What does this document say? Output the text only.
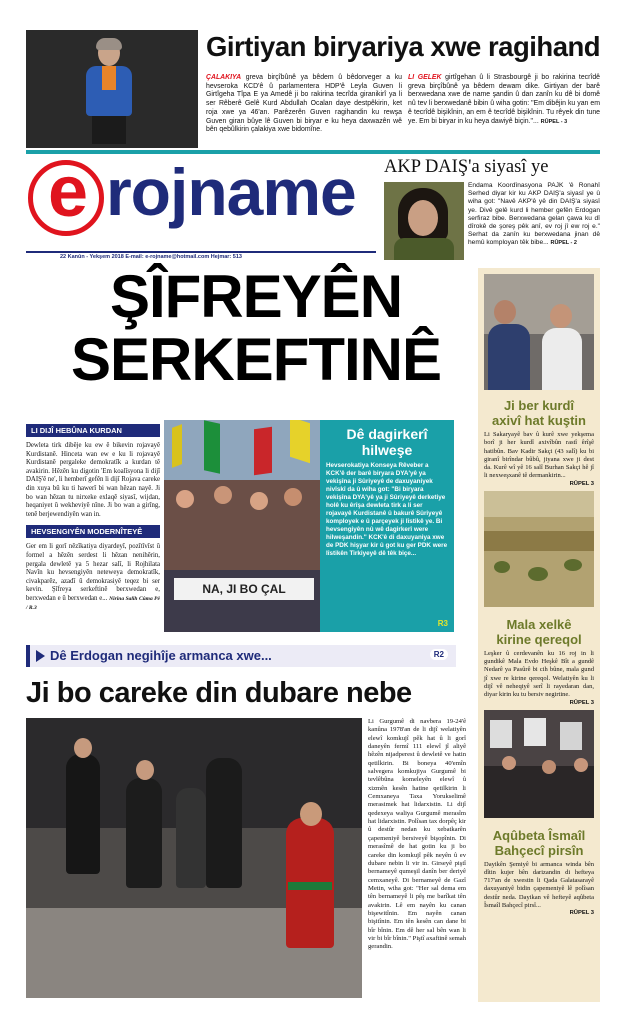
Girtiyan biryariya xwe ragihand
ÇALAKIYA greva birçîbûnê ya bêdem û bêdorveger a ku hevseroka KCD'ê û parlamentera HDP'ê Leyla Guven li Girtîgeha Tîpa E ya Amedê ji bo rakirina tecrîda giranikirî ya li ser Rêberê Gelê Kurd Abdullah Ocalan daye destpêkirin, ket roja xwe ya 46'an. Parêzerên Guven ragihandin ku rewşa Guven giran bûye lê Guven bi biryar e ku heya daxwazên wê bên qebûlkirin çalakiya xwe bidomîne.
LI GELEK girtîgehan û li Strasbourgê ji bo rakirina tecrîdê greva birçîbûnê ya bêdem dewam dike. Girtiyan der barê berxwedana xwe de name şandin û dan zanîn ku dê bi domê nû tev li berxwedanê bibin û wiha gotin: "Em dibêjin ku yan em ê tecrîdê bişikînin, an em ê tecrîdê bişikînin. Tu rêyek din tune ye. Em bi biryar in ku heya dawiyê biçin."... RÛPEL - 3
e rojname
22 Kanûn - Yekşem 2018 E-mail: e-rojname@hotmail.com Hejmar: 513
AKP DAIŞ'a siyasî ye
Endama Koordînasyona PAJK 'ê Ronahî Serhed diyar kir ku AKP DAIŞ'a siyasî ye û wiha got: "Navê AKP'ê yê din DAIŞ'a siyasî ye. Divê gelê kurd li hember gefên Erdogan serfiraz bibe. Berxwedana gelan çawa ku dî dîrokê de şoreş pêk anî, ev roj jî ew roj e." Serhat da zanîn ku berxwedana jinan dê hemû komployan têk bibe... RÛPEL - 2
ŞÎFREYÊN
SERKEFTINÊ
LI DIJÎ HEBÛNA KURDAN
Dewleta tirk dibêje ku ew ê bikevin rojavayê Kurdistanê. Hinceta wan ew e ku li rojavayê Kurdistanê pergaleke demokratîk a kurdan tê avakirin. Hêzên ku digotin 'Em koalîsyona li dijî DAIŞ'ê ne', li hemberî gefên li dijî Rojava careke din xuya bû ku ti hawerî bi wan hêzan nayê. Ji bo wan hêzan tu nirxeke exlaqê siyasî, wijdan, heqaniyet û wekheviyê nîne. Ji bo wan a girîng, tenê berjewendiyên wan in.
HEVSENGIYÊN MODERNÎTEYÊ
Ger em li gorî nêzîkatiya diyardeyî, pozîtîvîst û formel a hêzên serdest li hêzan nenihêrin, pergala dewletê ya 5 hezar salî, li Rojhilata Navîn ku hevsengiyên neteweya demokratîk, civakparêz, azadî û demokrasiyê teqez bi ser kevin. Şîfreya serkeftinê berxwedan e, berxwedan e û berxwedan e... Nîrîna Salîh Cûma Pê / R.3
NA, JI BO ÇAL
Dê dagirkerî
hilweşe
Hevserokatiya Konseya Rêveber a KCK'ê der barê biryara DYA'yê ya vekişîna ji Sûriyeyê de daxuyaniyek nivîskî da û wiha got: "Bi biryara vekişîna DYA'yê ya ji Sûriyeyê derketiye holê ku êrîşa dewleta tirk a li ser rojavayê Kurdistanê û bakurê Sûriyeyê komployek e û parçeyek ji lîstikê ye. Bi hevsengiyên nû wê dagirkerî were hilweşandin." KCK'ê di daxuyaniya xwe de PDK hişyar kir û got ku ger PDK were lîstikên Tirkiyeyê dê têk biçe...
R3
Dê Erdogan negihîje armanca xwe...	R2
Ji bo careke din dubare nebe
Li Gurgumê di navbera 19-24'ê kanûna 1978'an de li dijî welatiyên elewî komkujî pêk hat û li gorî daneyên fermî 111 elewî jî aliyê hêzên nijadperest û dewletê ve hatin qetilkirin. Bi boneya 40'emîn salvegera komkujiya Gurgumê bi tevlêbûna komeleyên elewî û xizmên kesên hatine qetilkirin li Cemxaneya Taxa Yorukselimê merasimek hat lidarxistin. Li dijî qedexeya waliya Gurgumê merasîm hat lidarxistin. Polîsan tax dorpêç kir û destûr nedan ku xebatkarên çapemeniyê bersiveyê bişopînin. Di merasîmê de hat gotin ku ji bo careke din komkujî pêk neyên û ev dubare nebin li vir in. Girseyê piştî bernameyê qumeşil danîn ber deriyê cemxaneyê. Di bernameyê de Gazî Metin, wiha got: "Her sal dema em tên bernameyê li pêş me barîkat tên avakirin. Lê em nayên ku canan bişewitînin. Em nayên canan bişitînin. Em tên kesên can dane bi bîr bînin. Em dê her sal bên wan li vir bi bîr bînin." Piştî axaftinê semah gerandin.
Ji ber kurdî
axivî hat kuştin
Li Sakaryayê bav û kurê xwe yekşema borî ji her kurdî axivîbûn rastî êrîşê hatibûn. Bav Kadir Sakçi (43 salî) ku bi giranî birîndar bûbû, jiyana xwe ji dest da. Kurê wî yê 16 salî Burhan Sakçi hê jî li nexweşxanê tê dermankirin...
RÛPEL 3
Mala xelkê
kirine qereqol
Leşker û cerdevanên ku 16 roj in li gundikê Mala Evdo Heşkê Bît a gundê Nedarê ya Pasûrê bi cih bûne, mala gund jî xwe re kirine qereqol. Welatiyên ku li dijî vê neheqiyê serî li rayedaran dan, diyar kirin ku tu bersiv negirtine.
RÛPEL 3
Aqûbeta Îsmaîl
Bahçecî pirsîn
Dayikên Şemiyê bi armanca winda bên dîtin kujer bên darizandin di hefteya 717'an de xwestin li Qada Galatasarayê daxuyaniyê bidin çapemeniyê lê polîsan destûr neda. Dayikan vê hefteyê aqûbeta Îsmaîl Bahçecî pirsî...
RÛPEL 3
